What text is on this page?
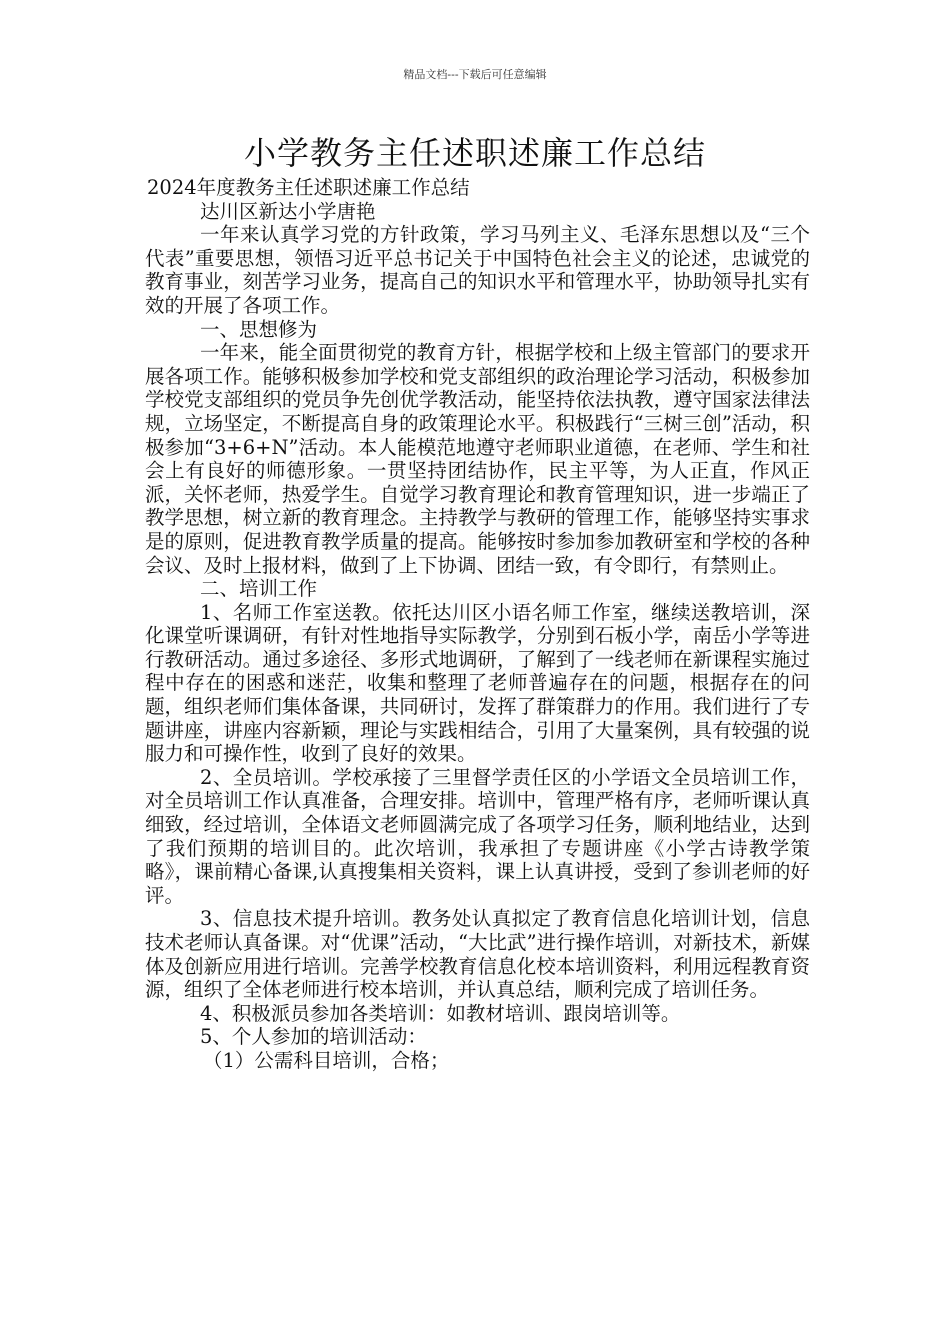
精品文档---下载后可任意编辑
小学教务主任述职述廉工作总结

2024年度教务主任述职述廉工作总结

达川区新达小学唐艳

一年来认真学习党的方针政策，学习马列主义、毛泽东思想以及“三个代表”重要思想，领悟习近平总书记关于中国特色社会主义的论述，忠诚党的教育事业，刻苦学习业务，提高自己的知识水平和管理水平，协助领导扎实有效的开展了各项工作。

一、思想修为

一年来，能全面贯彻党的教育方针，根据学校和上级主管部门的要求开展各项工作。能够积极参加学校和党支部组织的政治理论学习活动，积极参加学校党支部组织的党员争先创优学教活动，能坚持依法执教，遵守国家法律法规，立场坚定，不断提高自身的政策理论水平。积极践行“三树三创”活动，积极参加“3+6+N”活动。本人能模范地遵守老师职业道德，在老师、学生和社会上有良好的师德形象。一贯坚持团结协作，民主平等，为人正直，作风正派，关怀老师，热爱学生。自觉学习教育理论和教育管理知识，进一步端正了教学思想，树立新的教育理念。主持教学与教研的管理工作，能够坚持实事求是的原则，促进教育教学质量的提高。能够按时参加参加教研室和学校的各种会议、及时上报材料，做到了上下协调、团结一致，有令即行，有禁则止。

二、培训工作

1、名师工作室送教。依托达川区小语名师工作室，继续送教培训，深化课堂听课调研，有针对性地指导实际教学，分别到石板小学，南岳小学等进行教研活动。通过多途径、多形式地调研，了解到了一线老师在新课程实施过程中存在的困惑和迷茫，收集和整理了老师普遍存在的问题，根据存在的问题，组织老师们集体备课，共同研讨，发挥了群策群力的作用。我们进行了专题讲座，讲座内容新颖，理论与实践相结合，引用了大量案例，具有较强的说服力和可操作性，收到了良好的效果。

2、全员培训。学校承接了三里督学责任区的小学语文全员培训工作，对全员培训工作认真准备，合理安排。培训中，管理严格有序，老师听课认真细致，经过培训，全体语文老师圆满完成了各项学习任务，顺利地结业，达到了我们预期的培训目的。此次培训，我承担了专题讲座《小学古诗教学策略》，课前精心备课,认真搜集相关资料，课上认真讲授，受到了参训老师的好评。

3、信息技术提升培训。教务处认真拟定了教育信息化培训计划，信息技术老师认真备课。对“优课”活动，“大比武”进行操作培训，对新技术，新媒体及创新应用进行培训。完善学校教育信息化校本培训资料，利用远程教育资源，组织了全体老师进行校本培训，并认真总结，顺利完成了培训任务。

4、积极派员参加各类培训：如教材培训、跟岗培训等。

5、个人参加的培训活动：

（1）公需科目培训，合格；
